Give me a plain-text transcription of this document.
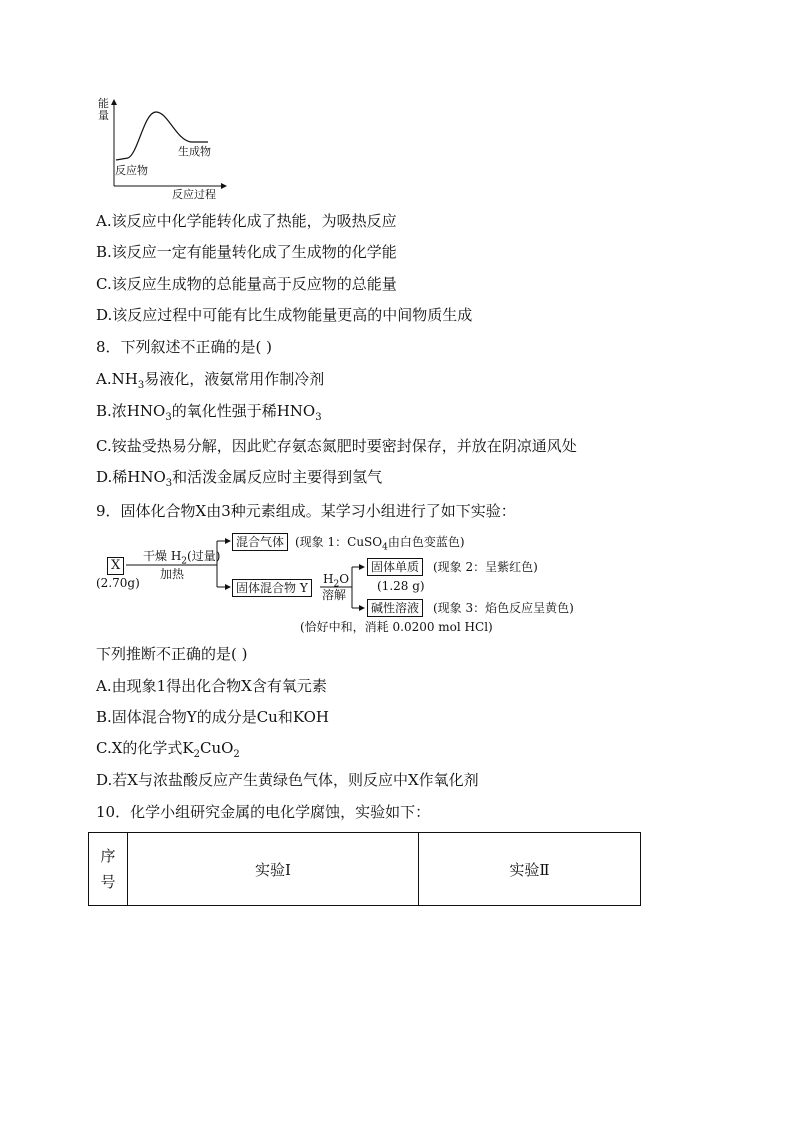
能量
生成物
反应物
反应过程
A.该反应中化学能转化成了热能，为吸热反应
B.该反应一定有能量转化成了生成物的化学能
C.该反应生成物的总能量高于反应物的总能量
D.该反应过程中可能有比生成物能量更高的中间物质生成
8．下列叙述不正确的是( )
$A.NH_3$易液化，液氨常用作制冷剂
B.浓$HNO_3$的氧化性强于稀$HNO_3$
C.铵盐受热易分解，因此贮存氨态氮肥时要密封保存，并放在阴凉通风处
D.稀$HNO_3$和活泼金属反应时主要得到氢气
9．固体化合物X由3种元素组成。某学习小组进行了如下实验：
X
(2.70g)
干燥 $H_2$(过量)
加热
混合气体 (现象 1：CuSO$_4$由白色变蓝色)
固体混合物 Y
$H_2O$
溶解
固体单质	(现象 2：呈紫红色)
(1.28 g)
碱性溶液	(现象 3：焰色反应呈黄色)
(恰好中和，消耗 0.0200 mol HCl)
下列推断不正确的是( )
A.由现象1得出化合物X含有氧元素
B.固体混合物Y的成分是Cu和KOH
C.X的化学式$K_2CuO_2$
D.若X与浓盐酸反应产生黄绿色气体，则反应中X作氧化剂
10．化学小组研究金属的电化学腐蚀，实验如下：
序
号
	实验Ⅰ	实验Ⅱ
